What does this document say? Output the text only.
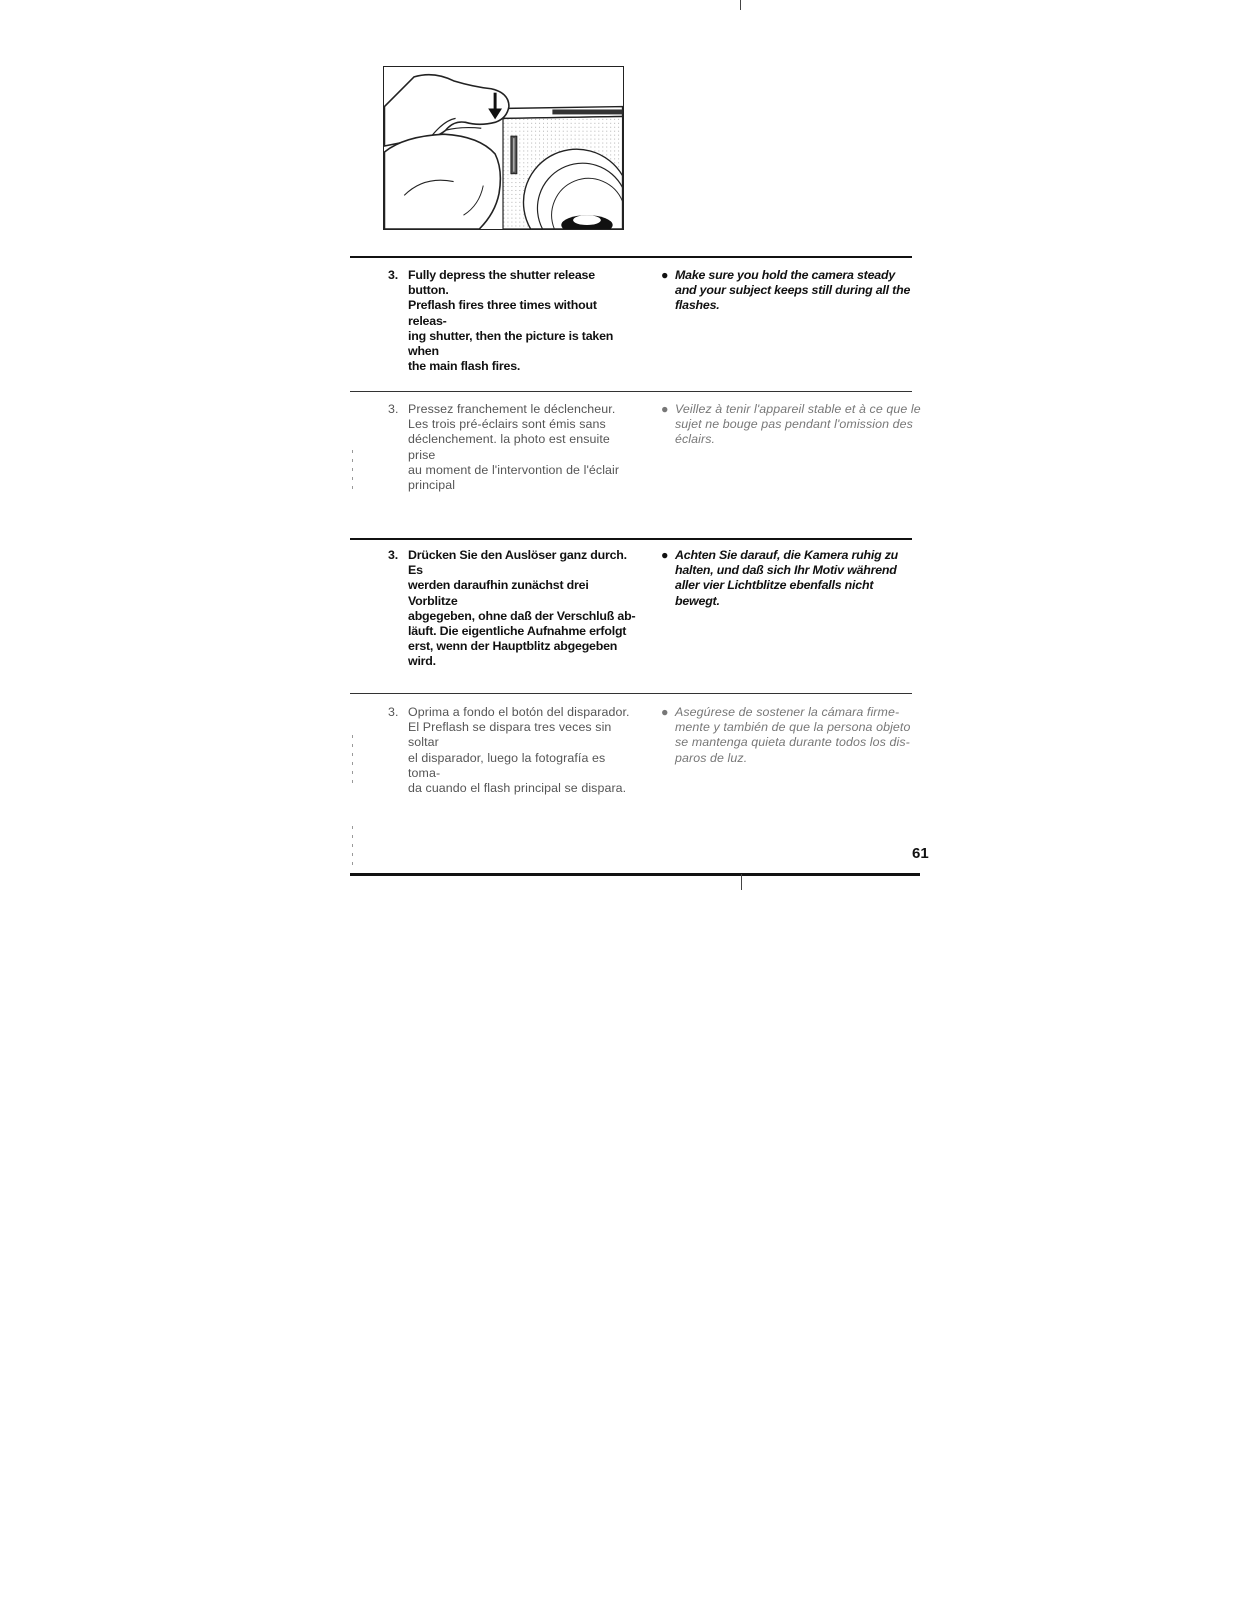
3. Fully depress the shutter release button.
Preflash fires three times without releas-
ing shutter, then the picture is taken when
the main flash fires.
● Make sure you hold the camera steady
and your subject keeps still during all the
flashes.
3. Pressez franchement le déclencheur.
Les trois pré-éclairs sont émis sans
déclenchement. la photo est ensuite prise
au moment de l'intervontion de l'éclair
principal
● Veillez à tenir l'appareil stable et à ce que le
sujet ne bouge pas pendant l'omission des
éclairs.
3. Drücken Sie den Auslöser ganz durch. Es
werden daraufhin zunächst drei Vorblitze
abgegeben, ohne daß der Verschluß ab-
läuft. Die eigentliche Aufnahme erfolgt
erst, wenn der Hauptblitz abgegeben wird.
● Achten Sie darauf, die Kamera ruhig zu
halten, und daß sich Ihr Motiv während
aller vier Lichtblitze ebenfalls nicht bewegt.
3. Oprima a fondo el botón del disparador.
El Preflash se dispara tres veces sin soltar
el disparador, luego la fotografía es toma-
da cuando el flash principal se dispara.
● Asegúrese de sostener la cámara firme-
mente y también de que la persona objeto
se mantenga quieta durante todos los dis-
paros de luz.
61
